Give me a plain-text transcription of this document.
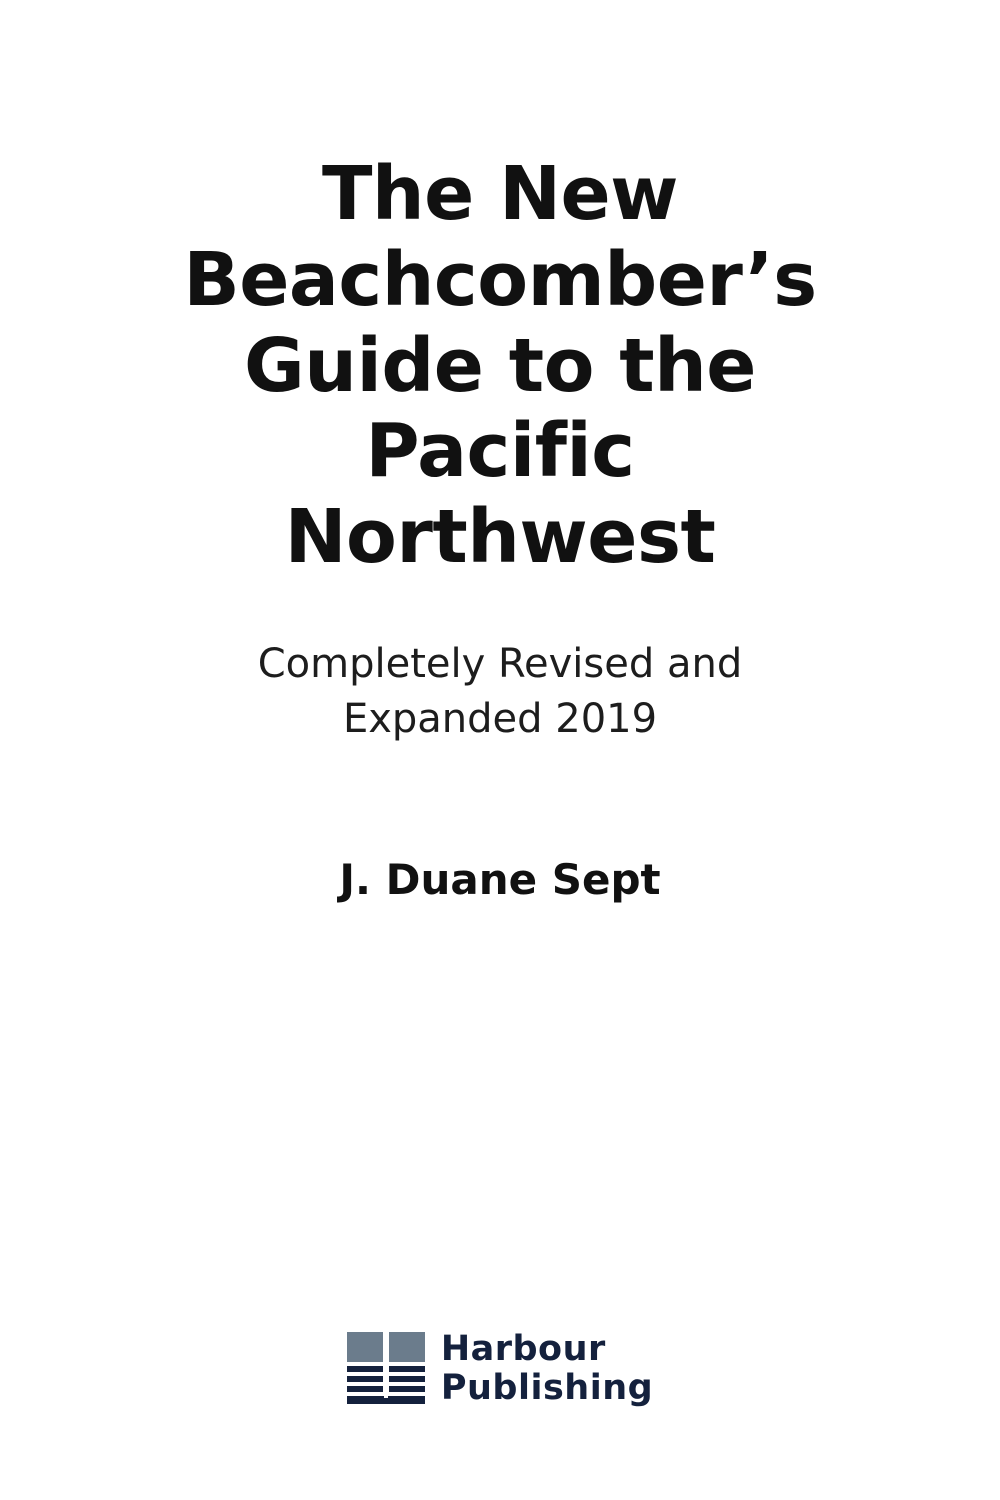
The New
Beachcomber’s
Guide to the Pacific
Northwest

Completely Revised and
Expanded 2019

J. Duane Sept

Harbour
Publishing
